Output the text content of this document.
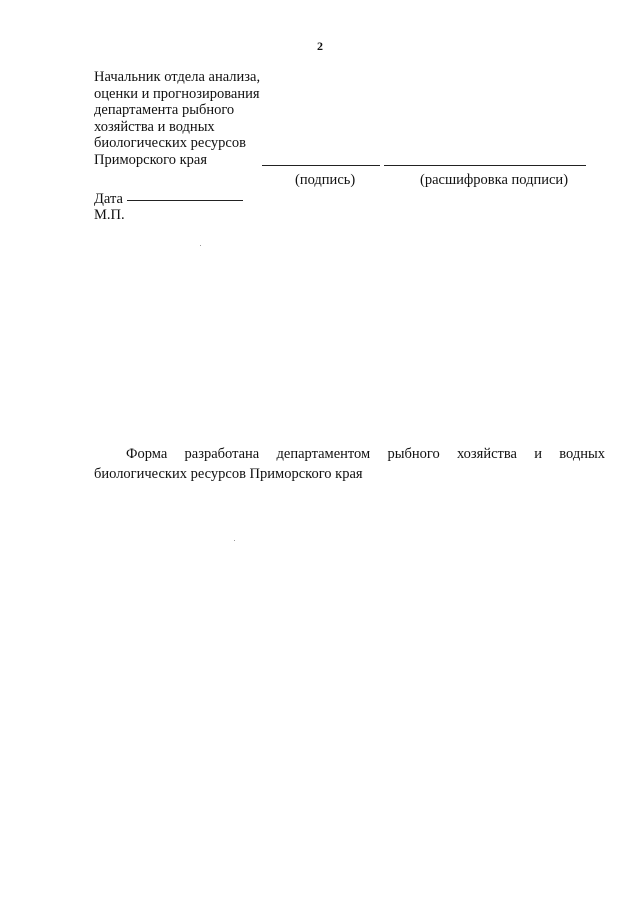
2
Начальник отдела анализа,
оценки и прогнозирования
департамента рыбного
хозяйства и водных
биологических ресурсов
Приморского края
(подпись)	(расшифровка подписи)
Дата
М.П.
Форма разработана департаментом рыбного хозяйства и водных
биологических ресурсов Приморского края
